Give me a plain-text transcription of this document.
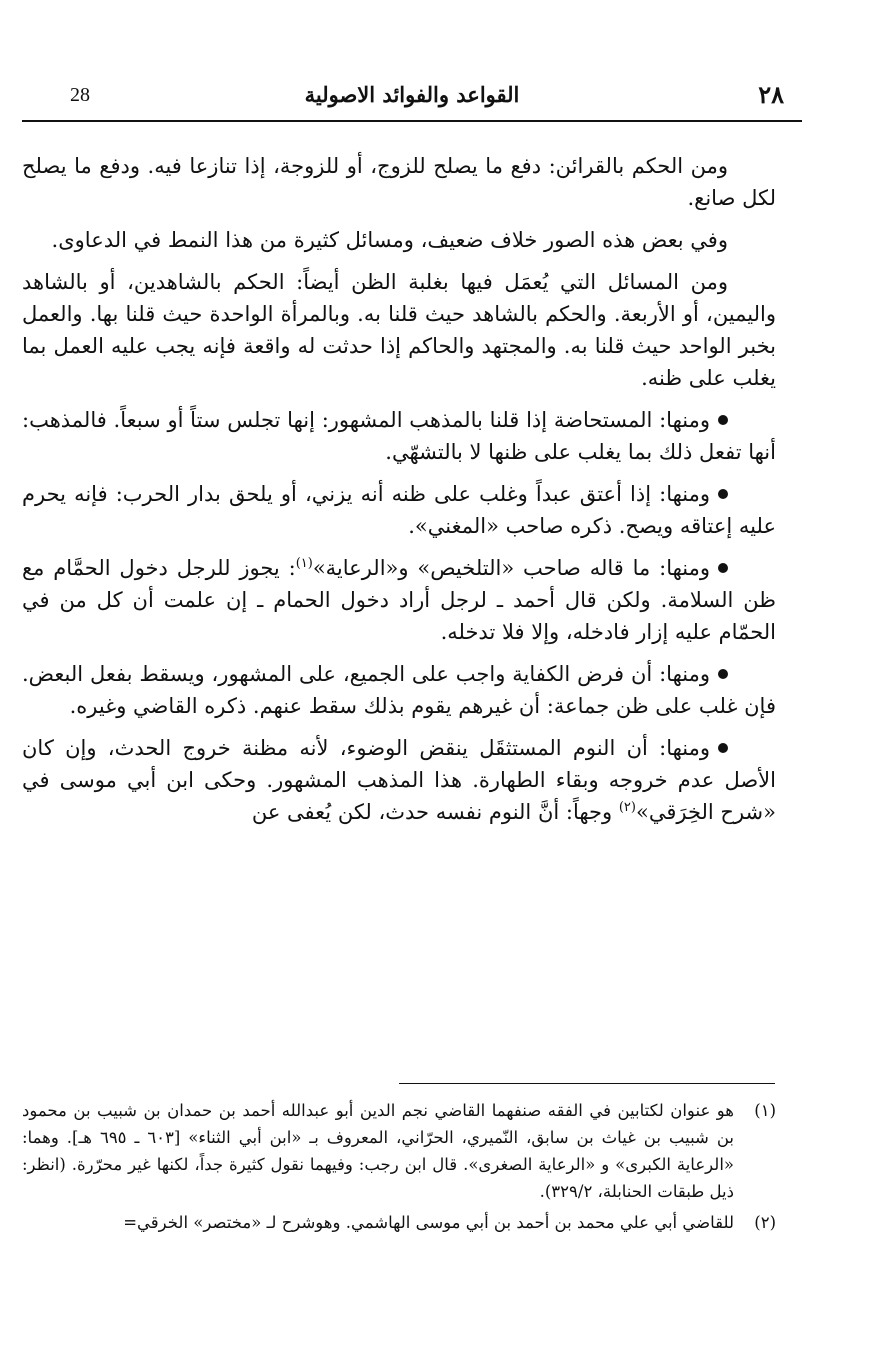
28	القواعد والفوائد الاصولية	٢٨

ومن الحكم بالقرائن: دفع ما يصلح للزوج، أو للزوجة، إذا تنازعا فيه. ودفع ما يصلح لكل صانع.

وفي بعض هذه الصور خلاف ضعيف، ومسائل كثيرة من هذا النمط في الدعاوى.

ومن المسائل التي يُعمَل فيها بغلبة الظن أيضاً: الحكم بالشاهدين، أو بالشاهد واليمين، أو الأربعة. والحكم بالشاهد حيث قلنا به. وبالمرأة الواحدة حيث قلنا بها. والعمل بخبر الواحد حيث قلنا به. والمجتهد والحاكم إذا حدثت له واقعة فإنه يجب عليه العمل بما يغلب على ظنه.

ومنها: المستحاضة إذا قلنا بالمذهب المشهور: إنها تجلس ستاً أو سبعاً. فالمذهب: أنها تفعل ذلك بما يغلب على ظنها لا بالتشهّي.

ومنها: إذا أعتق عبداً وغلب على ظنه أنه يزني، أو يلحق بدار الحرب: فإنه يحرم عليه إعتاقه ويصح. ذكره صاحب «المغني».

ومنها: ما قاله صاحب «التلخيص» و«الرعاية»$^{(١)}$: يجوز للرجل دخول الحمَّام مع ظن السلامة. ولكن قال أحمد ـ لرجل أراد دخول الحمام ـ إن علمت أن كل من في الحمّام عليه إزار فادخله، وإلا فلا تدخله.

ومنها: أن فرض الكفاية واجب على الجميع، على المشهور، ويسقط بفعل البعض. فإن غلب على ظن جماعة: أن غيرهم يقوم بذلك سقط عنهم. ذكره القاضي وغيره.

ومنها: أن النوم المستثقَل ينقض الوضوء، لأنه مظنة خروج الحدث، وإن كان الأصل عدم خروجه وبقاء الطهارة. هذا المذهب المشهور. وحكى ابن أبي موسى في «شرح الخِرَقي»$^{(٢)}$ وجهاً: أنَّ النوم نفسه حدث، لكن يُعفى عن

(١)
هو عنوان لكتابين في الفقه صنفهما القاضي نجم الدين أبو عبدالله أحمد بن حمدان بن شبيب بن محمود بن شبيب بن غياث بن سابق، النّميري، الحرّاني، المعروف بـ «ابن أبي الثناء» [٦٠٣ ـ ٦٩٥ هـ]. وهما: «الرعاية الكبرى» و «الرعاية الصغرى». قال ابن رجب: وفيهما نقول كثيرة جداً، لكنها غير محرّرة. (انظر: ذيل طبقات الحنابلة، ٣٢٩/٢).
(٢)
للقاضي أبي علي محمد بن أحمد بن أبي موسى الهاشمي. وهوشرح لـ «مختصر» الخرقي=
